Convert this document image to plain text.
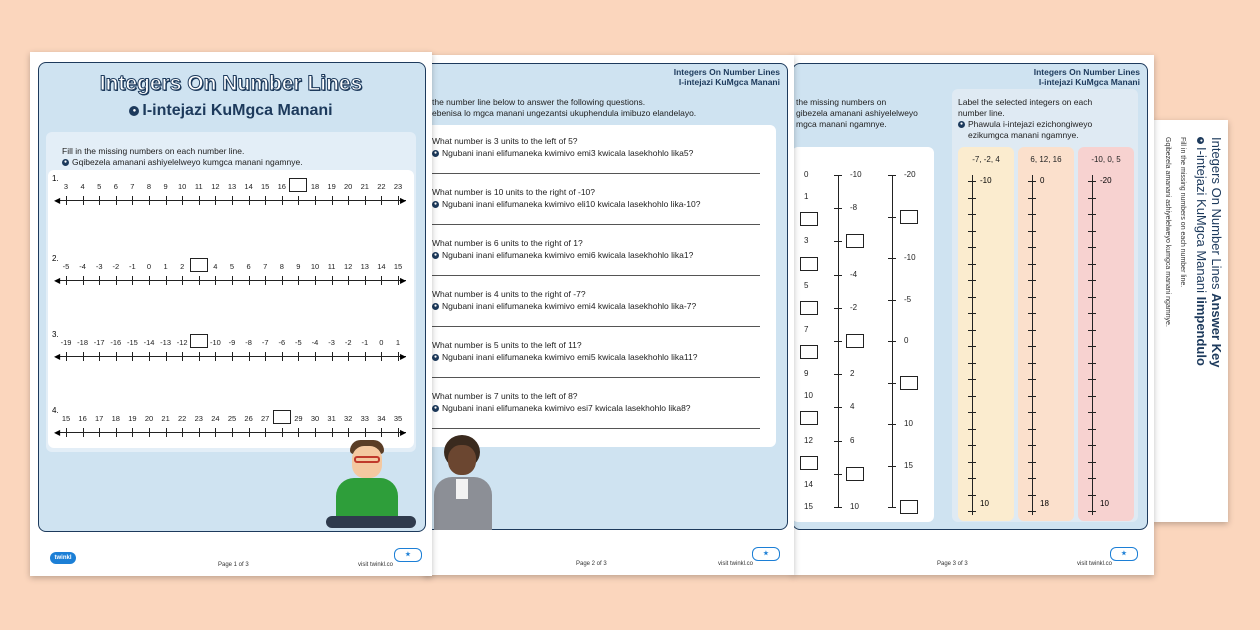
Integers On Number Lines Answer Key
●I-intejazi KuMgca Manani Iimpendulo
Fill in the missing numbers on each number line.
Gqibezela amanani ashiyelelweyo kumgca manani ngamnye.
Integers On Number Lines
I-intejazi KuMgca Manani
the missing numbers on
gibezela amanani ashiyelelweyo
mgca manani ngamnye.
Label the selected integers on each
number line.
● Phawula i-intejazi ezichongiweyo
ezikumgca manani ngamnye.
Page 3 of 3	visit twinkl.co
★
0
1
3
5
7
9
10
12
14
15
-10
-8
-4
-2
2
4
6
10
-20
-10
-5
0
10
15
-7, -2, 4
-10
10
6, 12, 16
0
18
-10, 0, 5
-20
10
Integers On Number Lines
I-intejazi KuMgca Manani
the number line below to answer the following questions.
ebenisa lo mgca manani ungezantsi ukuphendula imibuzo elandelayo.
Page 2 of 3	visit twinkl.co
★
What number is 3 units to the left of 5?
● Ngubani inani elifumaneka kwimivo emi3 kwicala lasekhohlo lika5?
What number is 10 units to the right of -10?
● Ngubani inani elifumaneka kwimivo eli10 kwicala lasekhohlo lika-10?
What number is 6 units to the right of 1?
● Ngubani inani elifumaneka kwimivo emi6 kwicala lasekhohlo lika1?
What number is 4 units to the right of -7?
● Ngubani inani elifumaneka kwimivo emi4 kwicala lasekhohlo lika-7?
What number is 5 units to the left of 11?
● Ngubani inani elifumaneka kwimivo emi5 kwicala lasekhohlo lika11?
What number is 7 units to the left of 8?
● Ngubani inani elifumaneka kwimivo esi7 kwicala lasekhohlo lika8?
Integers On Number Lines
● I-intejazi KuMgca Manani
Fill in the missing numbers on each number line.
● Gqibezela amanani ashiyelelweyo kumgca manani ngamnye.
twinkl
Page 1 of 3	visit twinkl.co
★
1.
◀	▶
3 4 5 6 7 8 9 10 11 12 13 14 15 16	18 19 20 21 22 23
2.
◀	▶
-5 -4 -3 -2 -1 0 1 2	4 5 6 7 8 9 10 11 12 13 14 15
3.
◀	▶
-19 -18 -17 -16 -15 -14 -13 -12	-10 -9 -8 -7 -6 -5 -4 -3 -2 -1 0 1
4.
◀	▶
15 16 17 18 19 20 21 22 23 24 25 26 27	29 30 31 32 33 34 35
